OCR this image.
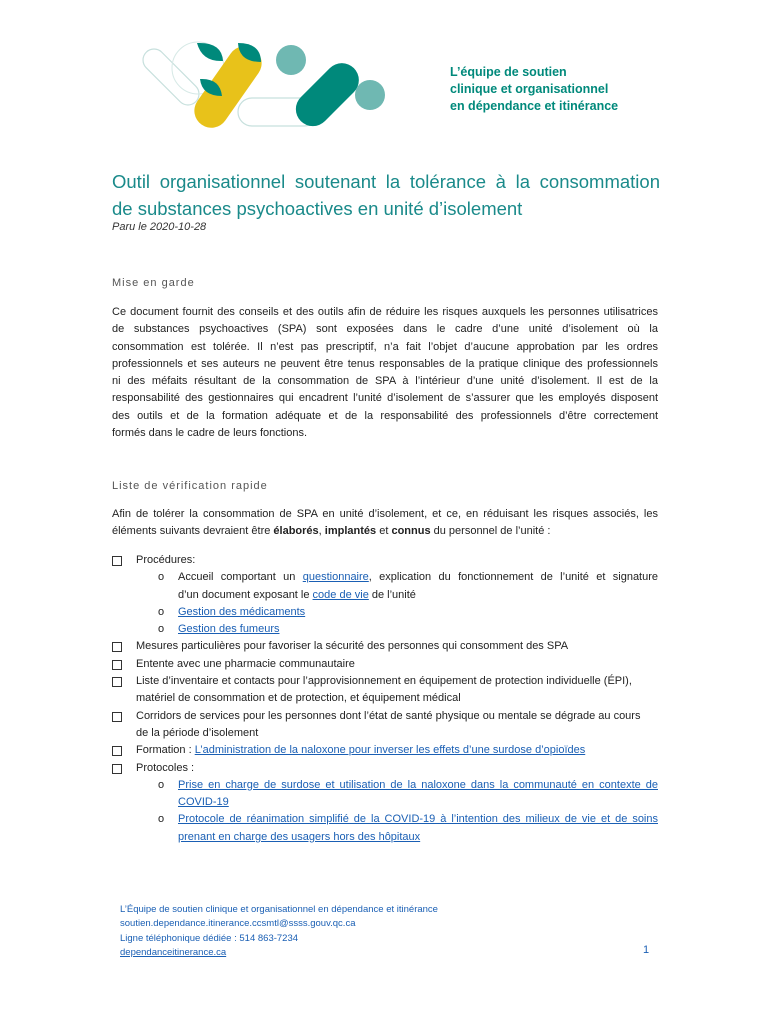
L’équipe de soutien
clinique et organisationnel
en dépendance et itinérance
Outil organisationnel soutenant la tolérance à la consommation
de substances psychoactives en unité d’isolement
Paru le 2020-10-28
Mise en garde
Ce document fournit des conseils et des outils afin de réduire les risques auxquels les personnes utilisatrices
de substances psychoactives (SPA) sont exposées dans le cadre d’une unité d’isolement où la
consommation est tolérée. Il n’est pas prescriptif, n’a fait l’objet d’aucune approbation par les ordres
professionnels et ses auteurs ne peuvent être tenus responsables de la pratique clinique des professionnels
ni des méfaits résultant de la consommation de SPA à l’intérieur d’une unité d’isolement. Il est de la
responsabilité des gestionnaires qui encadrent l’unité d’isolement de s’assurer que les employés disposent
des outils et de la formation adéquate et de la responsabilité des professionnels d’être correctement
formés dans le cadre de leurs fonctions.
Liste de vérification rapide
Afin de tolérer la consommation de SPA en unité d’isolement, et ce, en réduisant les risques associés, les
éléments suivants devraient être élaborés, implantés et connus du personnel de l’unité :
Procédures:
o Accueil comportant un questionnaire, explication du fonctionnement de l’unité et signature
d’un document exposant le code de vie de l’unité
o Gestion des médicaments
o Gestion des fumeurs
Mesures particulières pour favoriser la sécurité des personnes qui consomment des SPA
Entente avec une pharmacie communautaire
Liste d’inventaire et contacts pour l’approvisionnement en équipement de protection individuelle (ÉPI),
matériel de consommation et de protection, et équipement médical
Corridors de services pour les personnes dont l’état de santé physique ou mentale se dégrade au cours
de la période d’isolement
Formation : L’administration de la naloxone pour inverser les effets d’une surdose d’opioïdes
Protocoles :
o Prise en charge de surdose et utilisation de la naloxone dans la communauté en contexte de
COVID-19
o Protocole de réanimation simplifié de la COVID-19 à l’intention des milieux de vie et de soins
prenant en charge des usagers hors des hôpitaux
L’Équipe de soutien clinique et organisationnel en dépendance et itinérance
soutien.dependance.itinerance.ccsmtl@ssss.gouv.qc.ca
Ligne téléphonique dédiée : 514 863-7234
dependanceitinerance.ca	1
